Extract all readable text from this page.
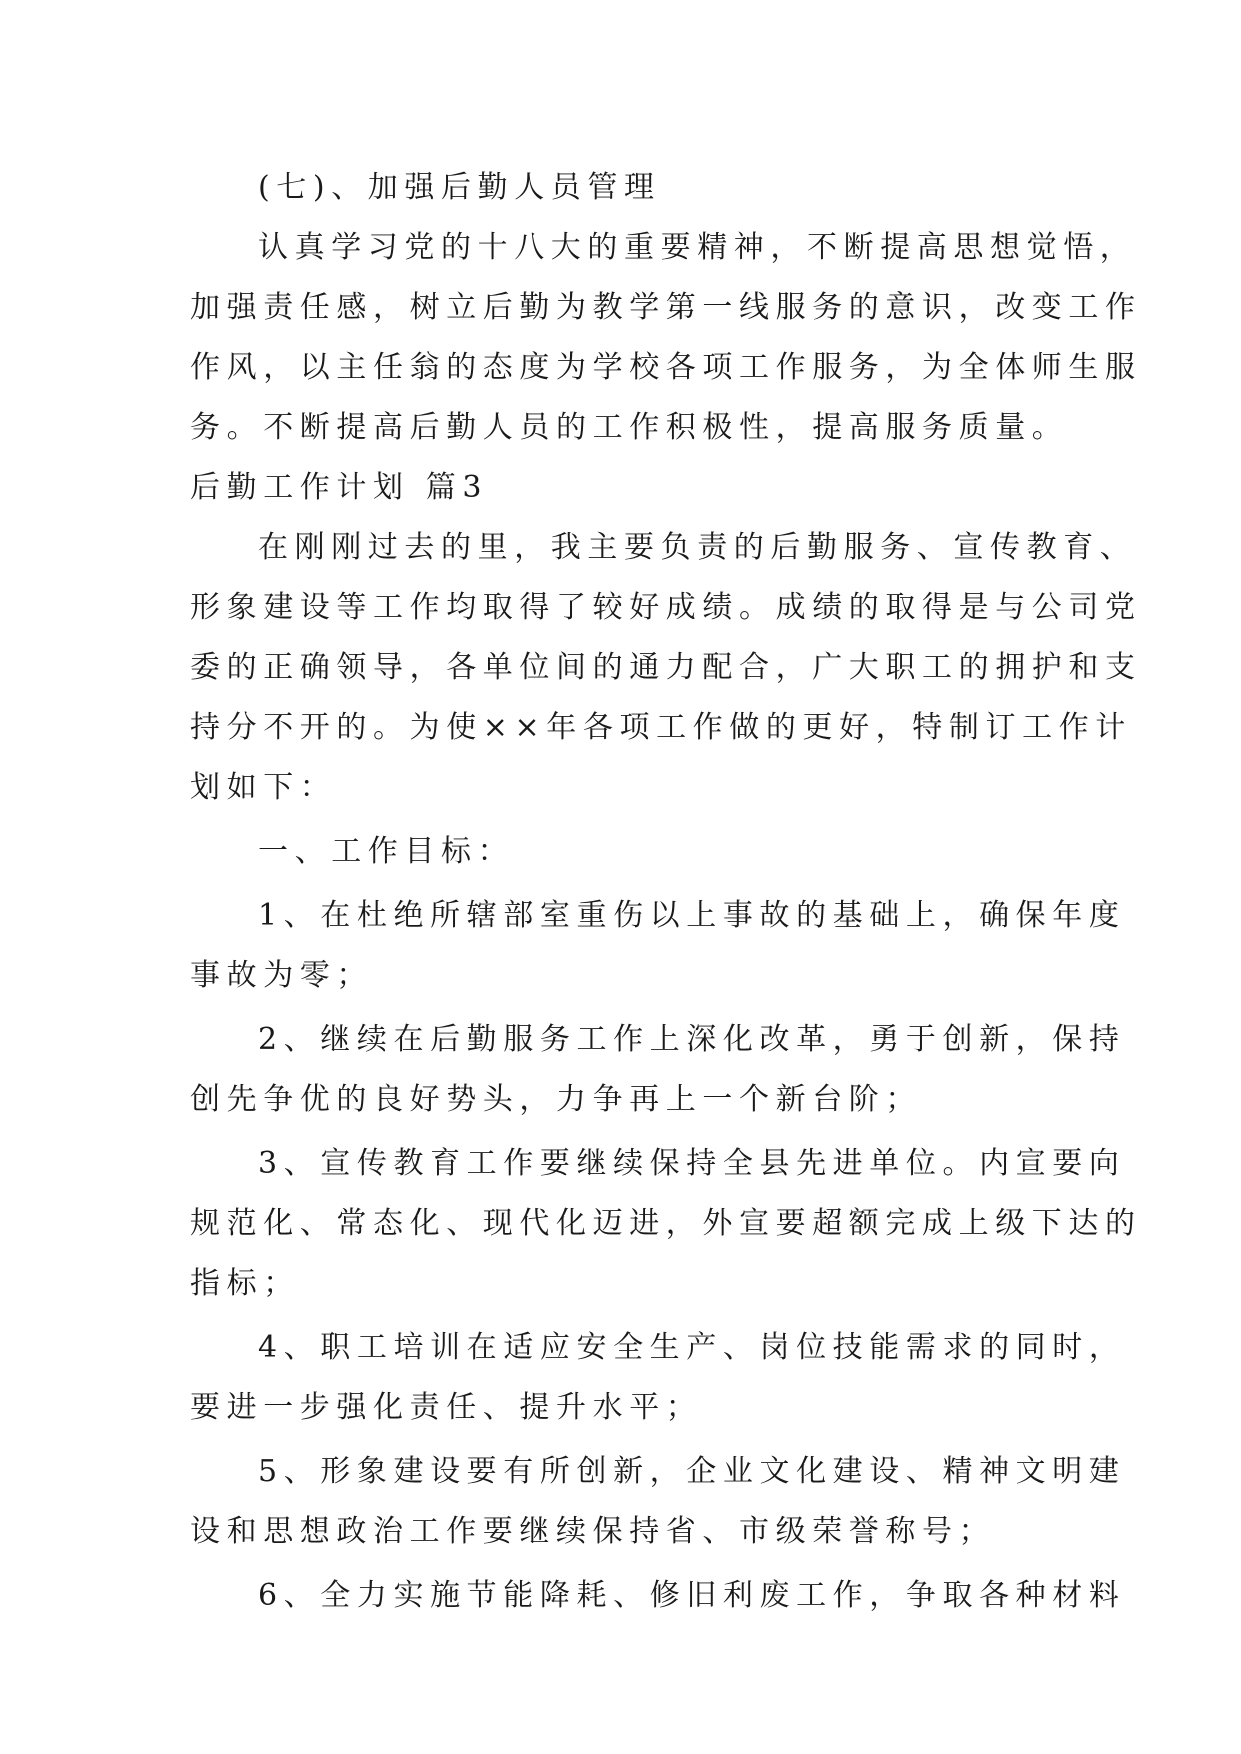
(七)、加强后勤人员管理
认真学习党的十八大的重要精神，不断提高思想觉悟，
加强责任感，树立后勤为教学第一线服务的意识，改变工作
作风，以主任翁的态度为学校各项工作服务，为全体师生服
务。不断提高后勤人员的工作积极性，提高服务质量。
后勤工作计划 篇3
在刚刚过去的里，我主要负责的后勤服务、宣传教育、
形象建设等工作均取得了较好成绩。成绩的取得是与公司党
委的正确领导，各单位间的通力配合，广大职工的拥护和支
持分不开的。为使××年各项工作做的更好，特制订工作计
划如下：
一、工作目标：
1、在杜绝所辖部室重伤以上事故的基础上，确保年度
事故为零；
2、继续在后勤服务工作上深化改革，勇于创新，保持
创先争优的良好势头，力争再上一个新台阶；
3、宣传教育工作要继续保持全县先进单位。内宣要向
规范化、常态化、现代化迈进，外宣要超额完成上级下达的
指标；
4、职工培训在适应安全生产、岗位技能需求的同时，
要进一步强化责任、提升水平；
5、形象建设要有所创新，企业文化建设、精神文明建
设和思想政治工作要继续保持省、市级荣誉称号；
6、全力实施节能降耗、修旧利废工作，争取各种材料
